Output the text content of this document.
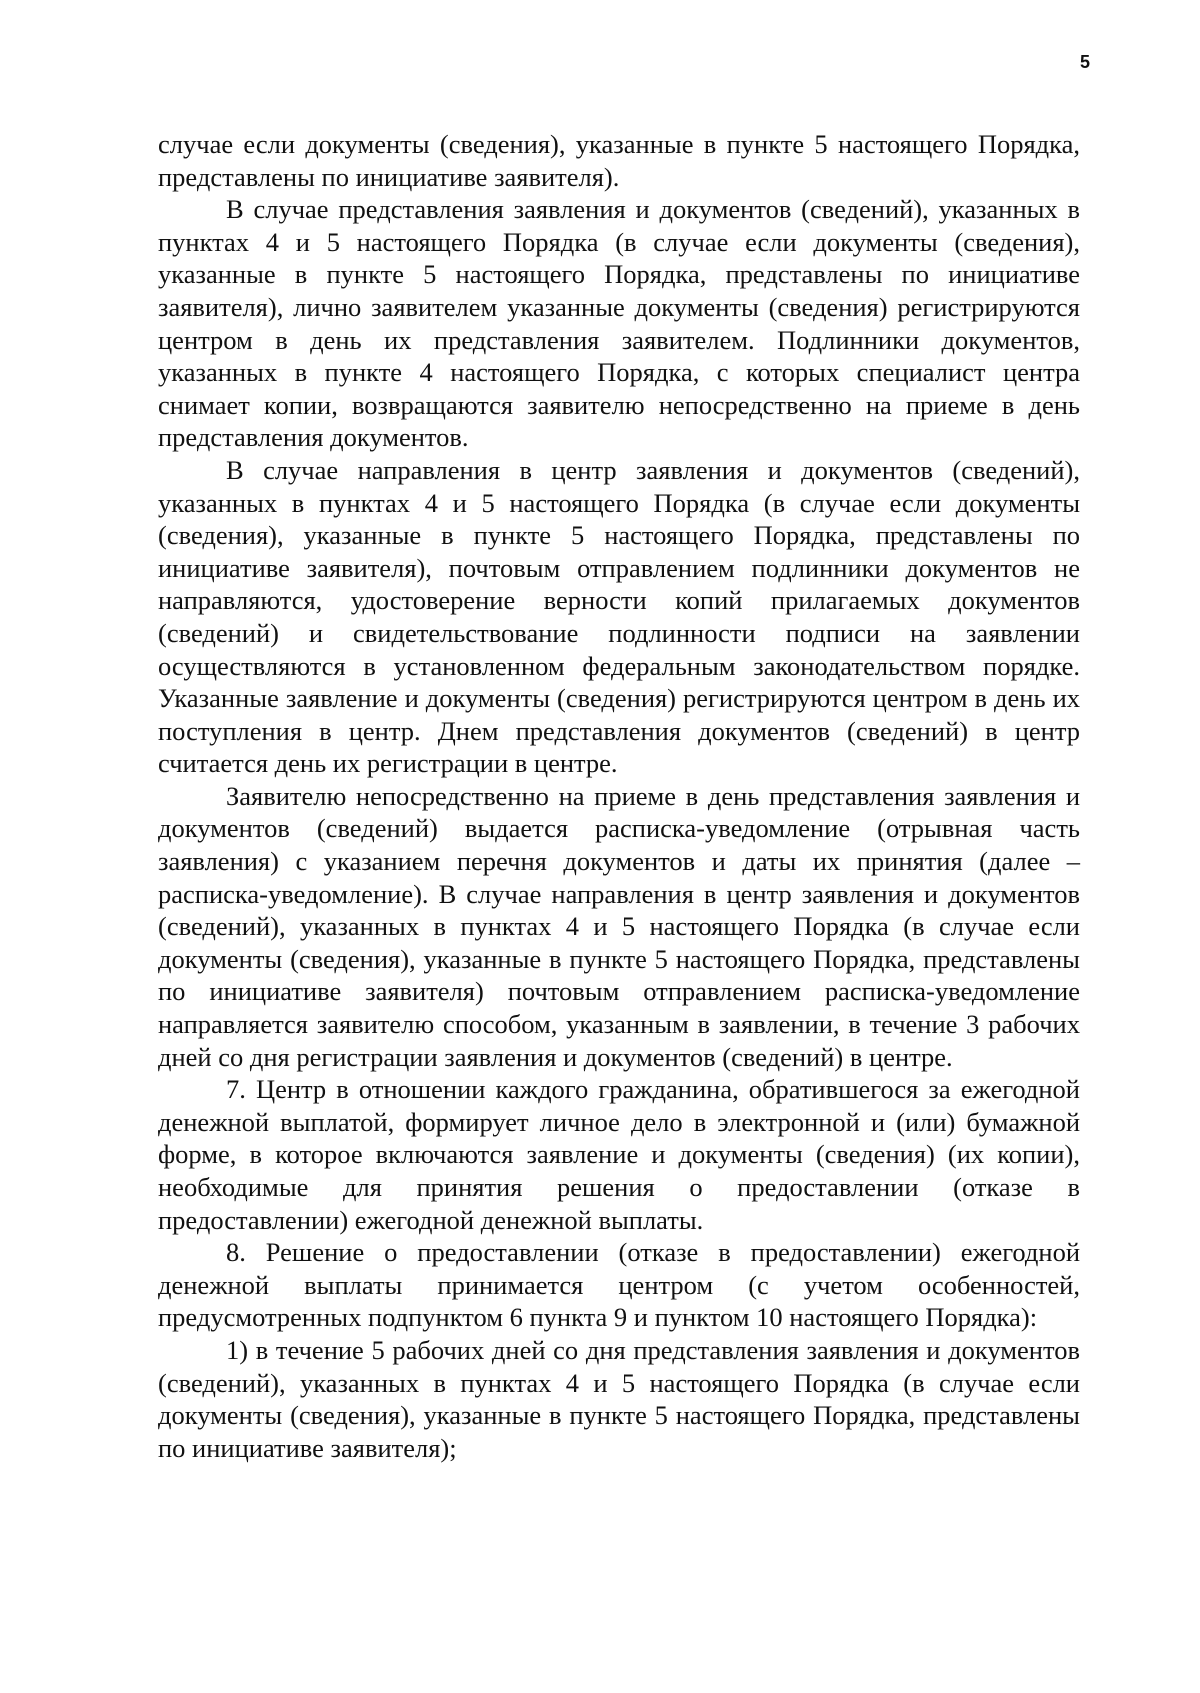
5

случае если документы (сведения), указанные в пункте 5 настоящего Порядка, представлены по инициативе заявителя).

В случае представления заявления и документов (сведений), указанных в пунктах 4 и 5 настоящего Порядка (в случае если документы (сведения), указанные в пункте 5 настоящего Порядка, представлены по инициативе заявителя), лично заявителем указанные документы (сведения) регистрируются центром в день их представления заявителем. Подлинники документов, указанных в пункте 4 настоящего Порядка, с которых специалист центра снимает копии, возвращаются заявителю непосредственно на приеме в день представления документов.

В случае направления в центр заявления и документов (сведений), указанных в пунктах 4 и 5 настоящего Порядка (в случае если документы (сведения), указанные в пункте 5 настоящего Порядка, представлены по инициативе заявителя), почтовым отправлением подлинники документов не направляются, удостоверение верности копий прилагаемых документов (сведений) и свидетельствование подлинности подписи на заявлении осуществляются в установленном федеральным законодательством порядке. Указанные заявление и документы (сведения) регистрируются центром в день их поступления в центр. Днем представления документов (сведений) в центр считается день их регистрации в центре.

Заявителю непосредственно на приеме в день представления заявления и документов (сведений) выдается расписка-уведомление (отрывная часть заявления) с указанием перечня документов и даты их принятия (далее – расписка-уведомление). В случае направления в центр заявления и документов (сведений), указанных в пунктах 4 и 5 настоящего Порядка (в случае если документы (сведения), указанные в пункте 5 настоящего Порядка, представлены по инициативе заявителя) почтовым отправлением расписка-уведомление направляется заявителю способом, указанным в заявлении, в течение 3 рабочих дней со дня регистрации заявления и документов (сведений) в центре.

7. Центр в отношении каждого гражданина, обратившегося за ежегодной денежной выплатой, формирует личное дело в электронной и (или) бумажной форме, в которое включаются заявление и документы (сведения) (их копии), необходимые для принятия решения о предоставлении (отказе в предоставлении) ежегодной денежной выплаты.

8. Решение о предоставлении (отказе в предоставлении) ежегодной денежной выплаты принимается центром (с учетом особенностей, предусмотренных подпунктом 6 пункта 9 и пунктом 10 настоящего Порядка):

1) в течение 5 рабочих дней со дня представления заявления и документов (сведений), указанных в пунктах 4 и 5 настоящего Порядка (в случае если документы (сведения), указанные в пункте 5 настоящего Порядка, представлены по инициативе заявителя);
